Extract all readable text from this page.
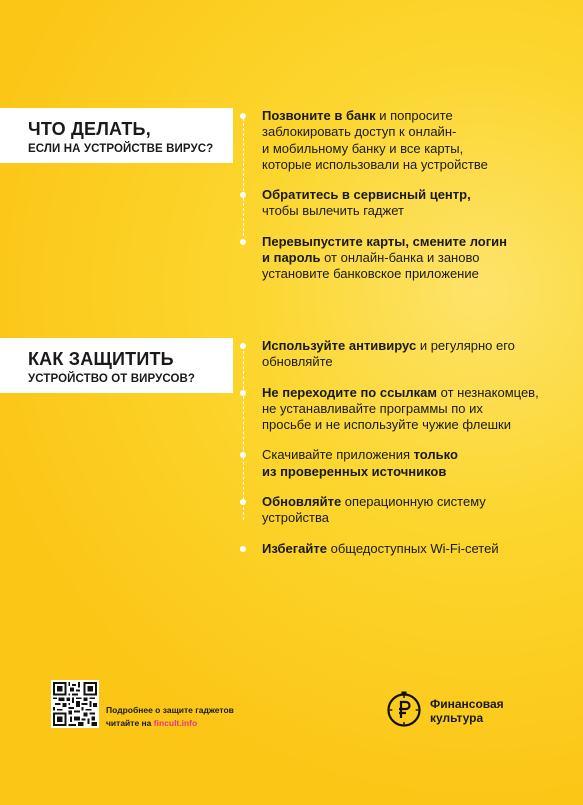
ЧТО ДЕЛАТЬ,
ЕСЛИ НА УСТРОЙСТВЕ ВИРУС?
Позвоните в банк и попросите
заблокировать доступ к онлайн-
и мобильному банку и все карты,
которые использовали на устройстве
Обратитесь в сервисный центр,
чтобы вылечить гаджет
Перевыпустите карты, смените логин
и пароль от онлайн-банка и заново
установите банковское приложение
КАК ЗАЩИТИТЬ
УСТРОЙСТВО ОТ ВИРУСОВ?
Используйте антивирус и регулярно его
обновляйте
Не переходите по ссылкам от незнакомцев,
не устанавливайте программы по их
просьбе и не используйте чужие флешки
Скачивайте приложения только
из проверенных источников
Обновляйте операционную систему
устройства
Избегайте общедоступных Wi-Fi-сетей
Подробнее о защите гаджетов
читайте на fincult.info
Финансовая
культура
